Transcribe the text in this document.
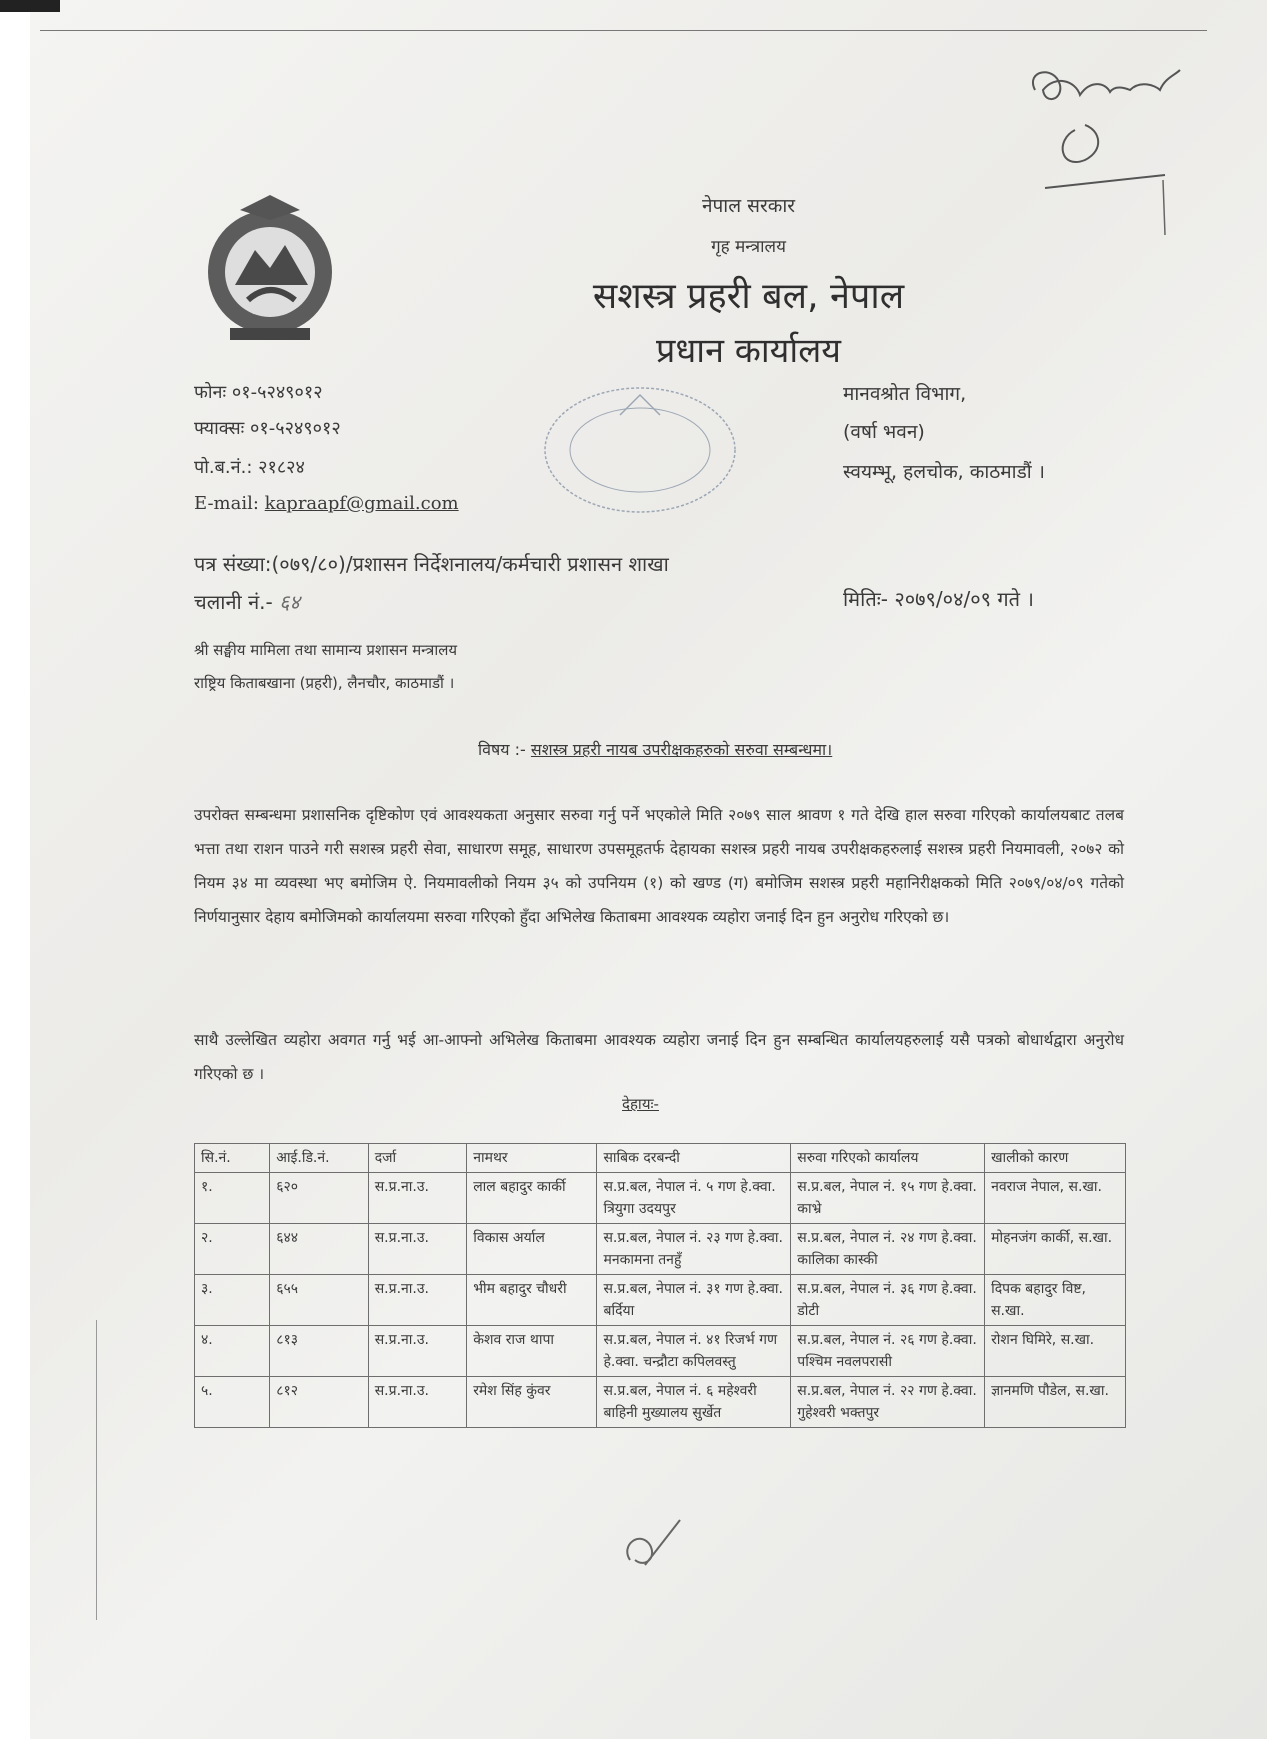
नेपाल सरकार
गृह मन्त्रालय
सशस्त्र प्रहरी बल, नेपाल
प्रधान कार्यालय
फोनः ०१-५२४९०१२
फ्याक्सः ०१-५२४९०१२
पो.ब.नं.: २१८२४
E-mail: kapraapf@gmail.com
मानवश्रोत विभाग,
(वर्षा भवन)
स्वयम्भू, हलचोक, काठमाडौं ।
पत्र संख्या:(०७९/८०)/प्रशासन निर्देशनालय/कर्मचारी प्रशासन शाखा
चलानी नं.- ६४	मितिः- २०७९/०४/०९ गते ।
श्री सङ्घीय मामिला तथा सामान्य प्रशासन मन्त्रालय
राष्ट्रिय किताबखाना (प्रहरी), लैनचौर, काठमाडौं ।
विषय :- सशस्त्र प्रहरी नायब उपरीक्षकहरुको सरुवा सम्बन्धमा।
उपरोक्त सम्बन्धमा प्रशासनिक दृष्टिकोण एवं आवश्यकता अनुसार सरुवा गर्नु पर्ने भएकोले मिति २०७९ साल श्रावण १ गते देखि हाल सरुवा गरिएको कार्यालयबाट तलब भत्ता तथा राशन पाउने गरी सशस्त्र प्रहरी सेवा, साधारण समूह, साधारण उपसमूहतर्फ देहायका सशस्त्र प्रहरी नायब उपरीक्षकहरुलाई सशस्त्र प्रहरी नियमावली, २०७२ को नियम ३४ मा व्यवस्था भए बमोजिम ऐ. नियमावलीको नियम ३५ को उपनियम (१) को खण्ड (ग) बमोजिम सशस्त्र प्रहरी महानिरीक्षकको मिति २०७९/०४/०९ गतेको निर्णयानुसार देहाय बमोजिमको कार्यालयमा सरुवा गरिएको हुँदा अभिलेख किताबमा आवश्यक व्यहोरा जनाई दिन हुन अनुरोध गरिएको छ।
साथै उल्लेखित व्यहोरा अवगत गर्नु भई आ-आफ्नो अभिलेख किताबमा आवश्यक व्यहोरा जनाई दिन हुन सम्बन्धित कार्यालयहरुलाई यसै पत्रको बोधार्थद्वारा अनुरोध गरिएको छ ।
देहायः-
सि.नं.	आई.डि.नं.	दर्जा	नामथर	साबिक दरबन्दी	सरुवा गरिएको कार्यालय	खालीको कारण
१.	६२०	स.प्र.ना.उ.	लाल बहादुर कार्की	स.प्र.बल, नेपाल नं. ५ गण हे.क्वा. त्रियुगा उदयपुर	स.प्र.बल, नेपाल नं. १५ गण हे.क्वा. काभ्रे	नवराज नेपाल, स.खा.
२.	६४४	स.प्र.ना.उ.	विकास अर्याल	स.प्र.बल, नेपाल नं. २३ गण हे.क्वा. मनकामना तनहुँ	स.प्र.बल, नेपाल नं. २४ गण हे.क्वा. कालिका कास्की	मोहनजंग कार्की, स.खा.
३.	६५५	स.प्र.ना.उ.	भीम बहादुर चौधरी	स.प्र.बल, नेपाल नं. ३१ गण हे.क्वा. बर्दिया	स.प्र.बल, नेपाल नं. ३६ गण हे.क्वा. डोटी	दिपक बहादुर विष्ट, स.खा.
४.	८१३	स.प्र.ना.उ.	केशव राज थापा	स.प्र.बल, नेपाल नं. ४१ रिजर्भ गण हे.क्वा. चन्द्रौटा कपिलवस्तु	स.प्र.बल, नेपाल नं. २६ गण हे.क्वा. पश्चिम नवलपरासी	रोशन घिमिरे, स.खा.
५.	८१२	स.प्र.ना.उ.	रमेश सिंह कुंवर	स.प्र.बल, नेपाल नं. ६ महेश्वरी बाहिनी मुख्यालय सुर्खेत	स.प्र.बल, नेपाल नं. २२ गण हे.क्वा. गुहेश्वरी भक्तपुर	ज्ञानमणि पौडेल, स.खा.
